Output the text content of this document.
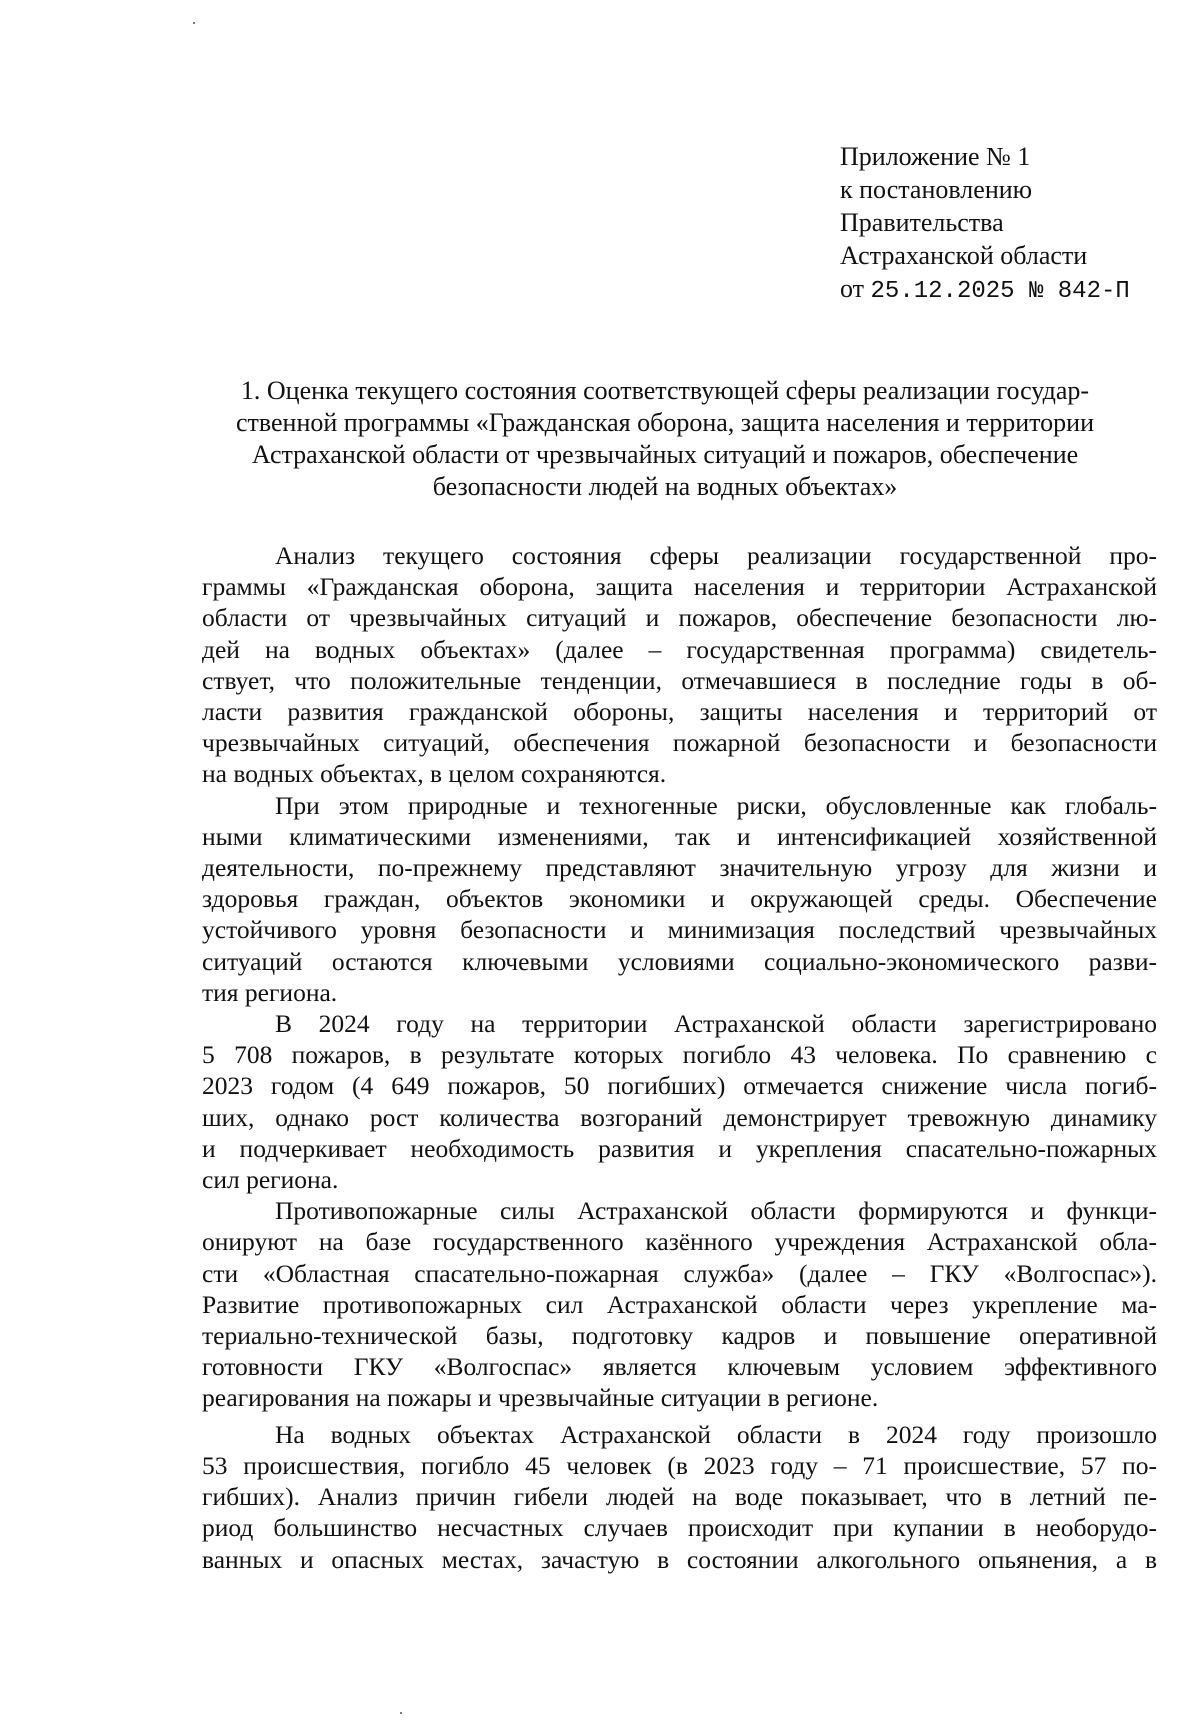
Приложение № 1
к постановлению
Правительства
Астраханской области
от 25.12.2025 № 842-П
1. Оценка текущего состояния соответствующей сферы реализации государ-
ственной программы «Гражданская оборона, защита населения и территории
Астраханской области от чрезвычайных ситуаций и пожаров, обеспечение
безопасности людей на водных объектах»
Анализ текущего состояния сферы реализации государственной про-
граммы «Гражданская оборона, защита населения и территории Астраханской
области от чрезвычайных ситуаций и пожаров, обеспечение безопасности лю-
дей на водных объектах» (далее – государственная программа) свидетель-
ствует, что положительные тенденции, отмечавшиеся в последние годы в об-
ласти развития гражданской обороны, защиты населения и территорий от
чрезвычайных ситуаций, обеспечения пожарной безопасности и безопасности
на водных объектах, в целом сохраняются.
При этом природные и техногенные риски, обусловленные как глобаль-
ными климатическими изменениями, так и интенсификацией хозяйственной
деятельности, по-прежнему представляют значительную угрозу для жизни и
здоровья граждан, объектов экономики и окружающей среды. Обеспечение
устойчивого уровня безопасности и минимизация последствий чрезвычайных
ситуаций остаются ключевыми условиями социально-экономического разви-
тия региона.
В 2024 году на территории Астраханской области зарегистрировано
5 708 пожаров, в результате которых погибло 43 человека. По сравнению с
2023 годом (4 649 пожаров, 50 погибших) отмечается снижение числа погиб-
ших, однако рост количества возгораний демонстрирует тревожную динамику
и подчеркивает необходимость развития и укрепления спасательно-пожарных
сил региона.
Противопожарные силы Астраханской области формируются и функци-
онируют на базе государственного казённого учреждения Астраханской обла-
сти «Областная спасательно-пожарная служба» (далее – ГКУ «Волгоспас»).
Развитие противопожарных сил Астраханской области через укрепление ма-
териально-технической базы, подготовку кадров и повышение оперативной
готовности ГКУ «Волгоспас» является ключевым условием эффективного
реагирования на пожары и чрезвычайные ситуации в регионе.
На водных объектах Астраханской области в 2024 году произошло
53 происшествия, погибло 45 человек (в 2023 году – 71 происшествие, 57 по-
гибших). Анализ причин гибели людей на воде показывает, что в летний пе-
риод большинство несчастных случаев происходит при купании в необорудо-
ванных и опасных местах, зачастую в состоянии алкогольного опьянения, а в
